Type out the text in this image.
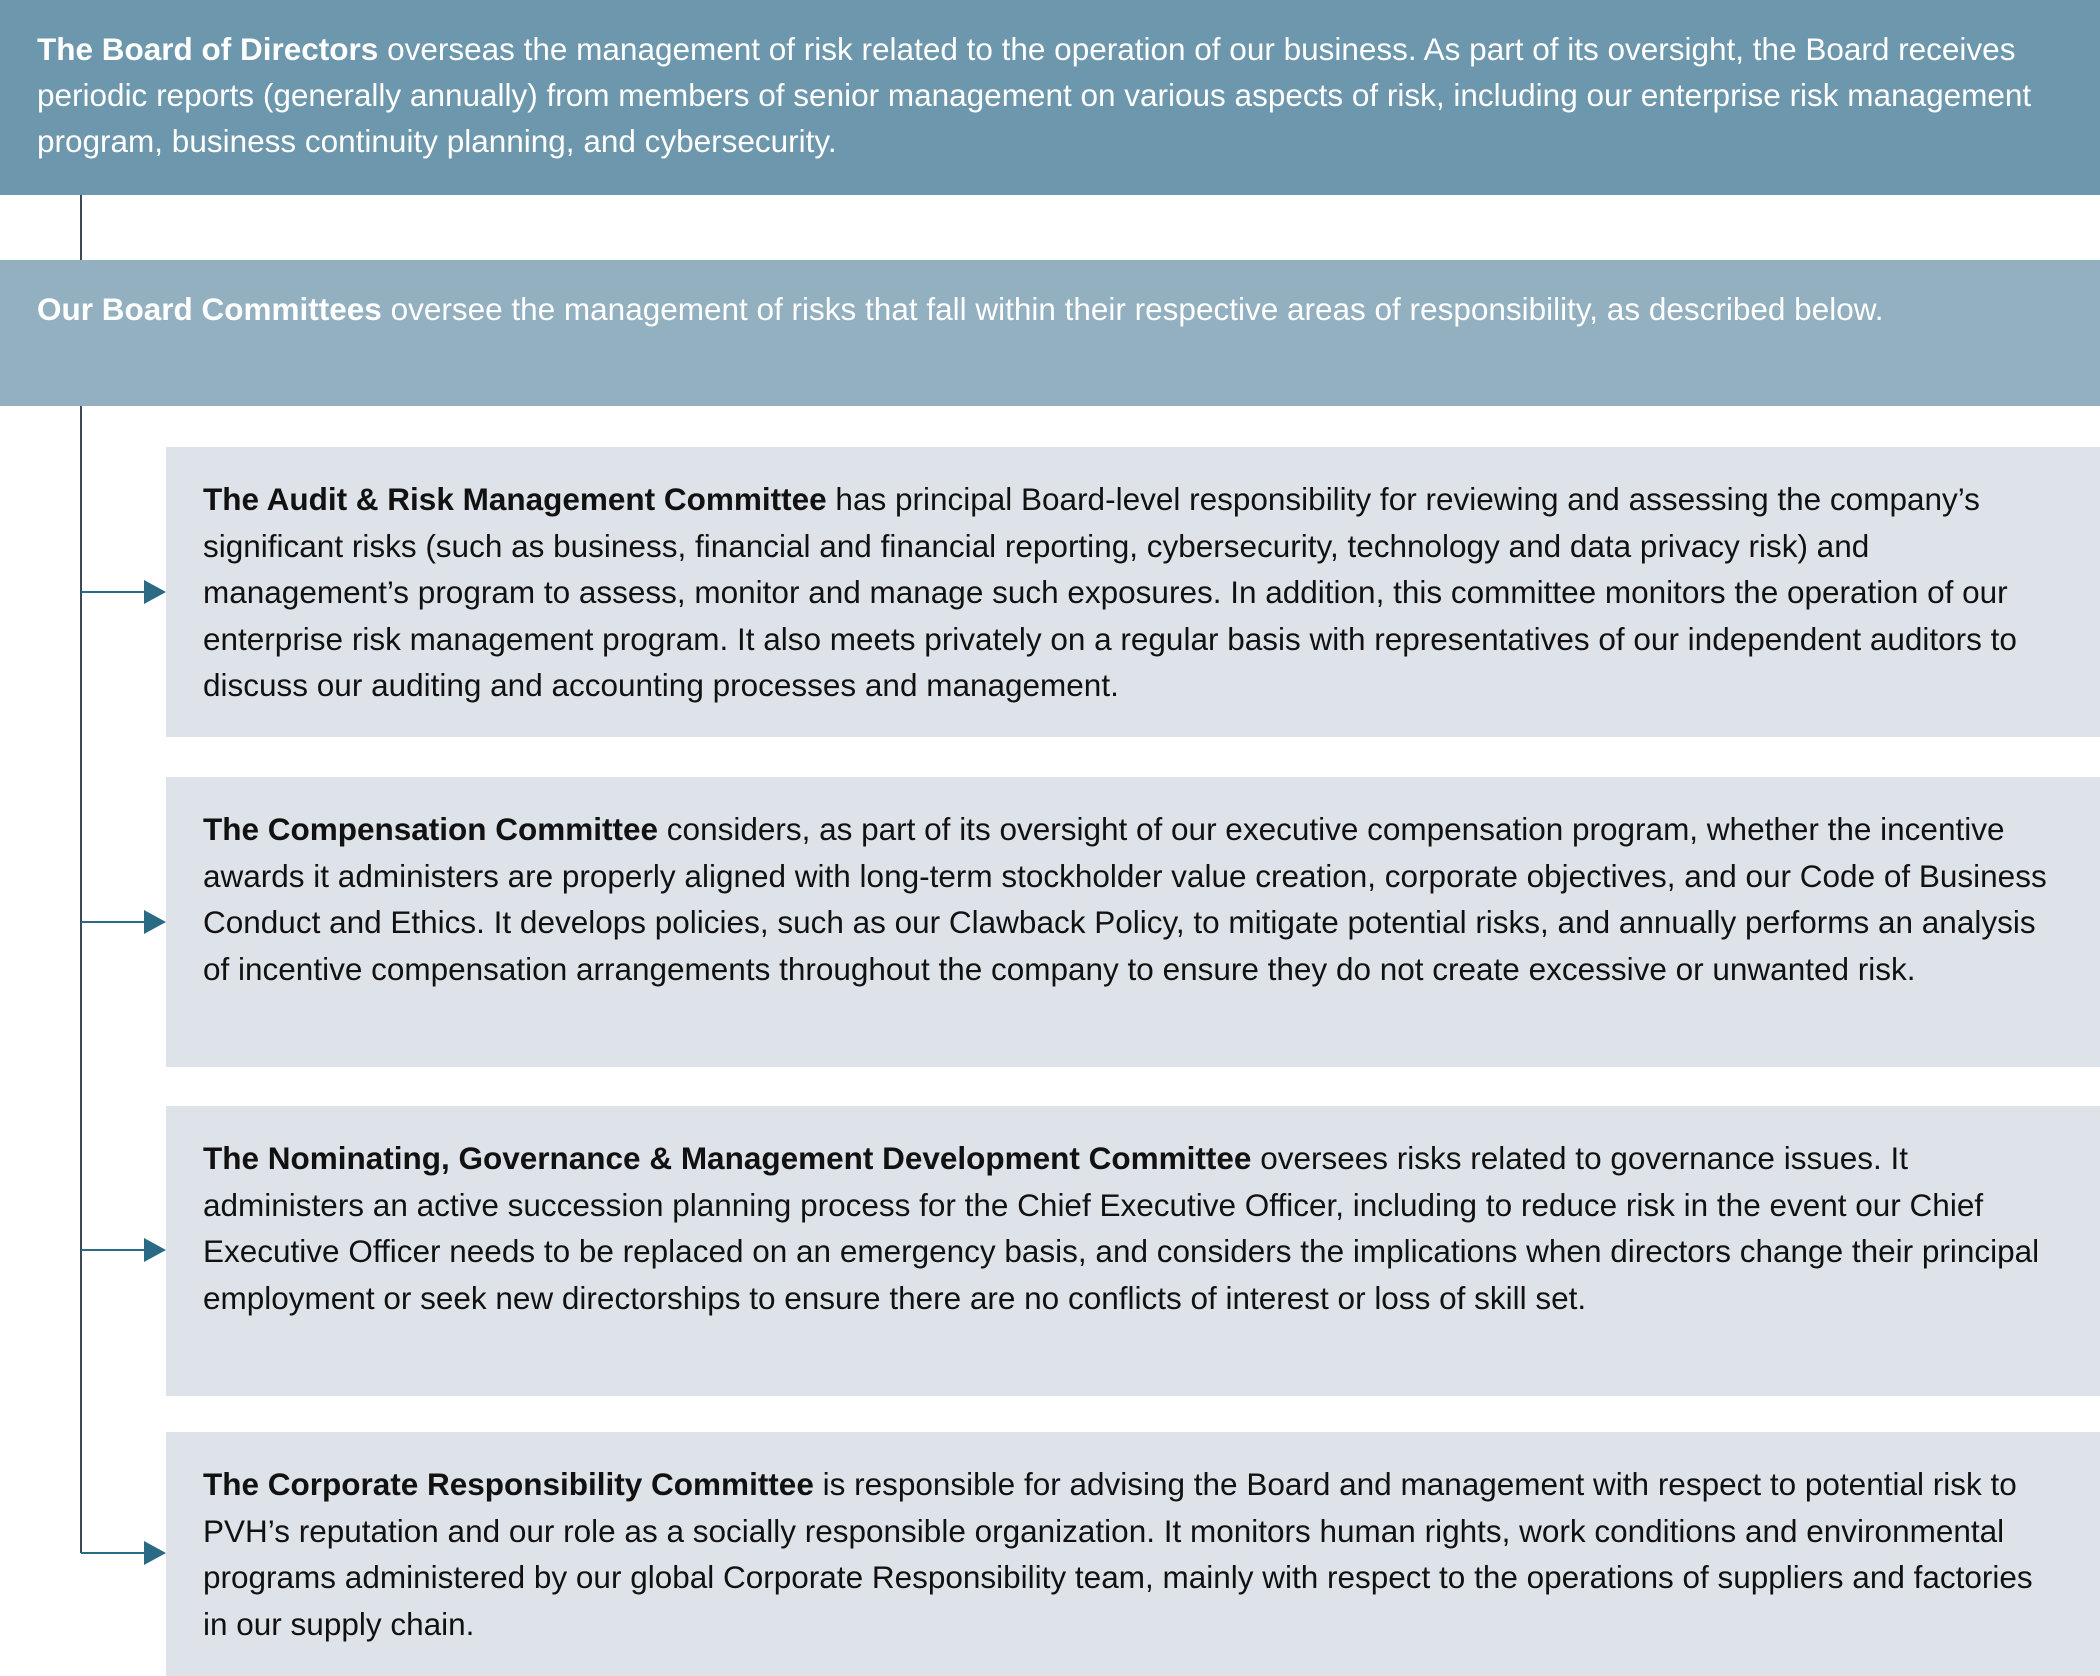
The Board of Directors overseas the management of risk related to the operation of our business. As part of its oversight, the Board receives periodic reports (generally annually) from members of senior management on various aspects of risk, including our enterprise risk management program, business continuity planning, and cybersecurity.
Our Board Committees oversee the management of risks that fall within their respective areas of responsibility, as described below.
The Audit & Risk Management Committee has principal Board-level responsibility for reviewing and assessing the company’s significant risks (such as business, financial and financial reporting, cybersecurity, technology and data privacy risk) and management’s program to assess, monitor and manage such exposures. In addition, this committee monitors the operation of our enterprise risk management program. It also meets privately on a regular basis with representatives of our independent auditors to discuss our auditing and accounting processes and management.
The Compensation Committee considers, as part of its oversight of our executive compensation program, whether the incentive awards it administers are properly aligned with long-term stockholder value creation, corporate objectives, and our Code of Business Conduct and Ethics. It develops policies, such as our Clawback Policy, to mitigate potential risks, and annually performs an analysis of incentive compensation arrangements throughout the company to ensure they do not create excessive or unwanted risk.
The Nominating, Governance & Management Development Committee oversees risks related to governance issues. It administers an active succession planning process for the Chief Executive Officer, including to reduce risk in the event our Chief Executive Officer needs to be replaced on an emergency basis, and considers the implications when directors change their principal employment or seek new directorships to ensure there are no conflicts of interest or loss of skill set.
The Corporate Responsibility Committee is responsible for advising the Board and management with respect to potential risk to PVH’s reputation and our role as a socially responsible organization. It monitors human rights, work conditions and environmental programs administered by our global Corporate Responsibility team, mainly with respect to the operations of suppliers and factories in our supply chain.
